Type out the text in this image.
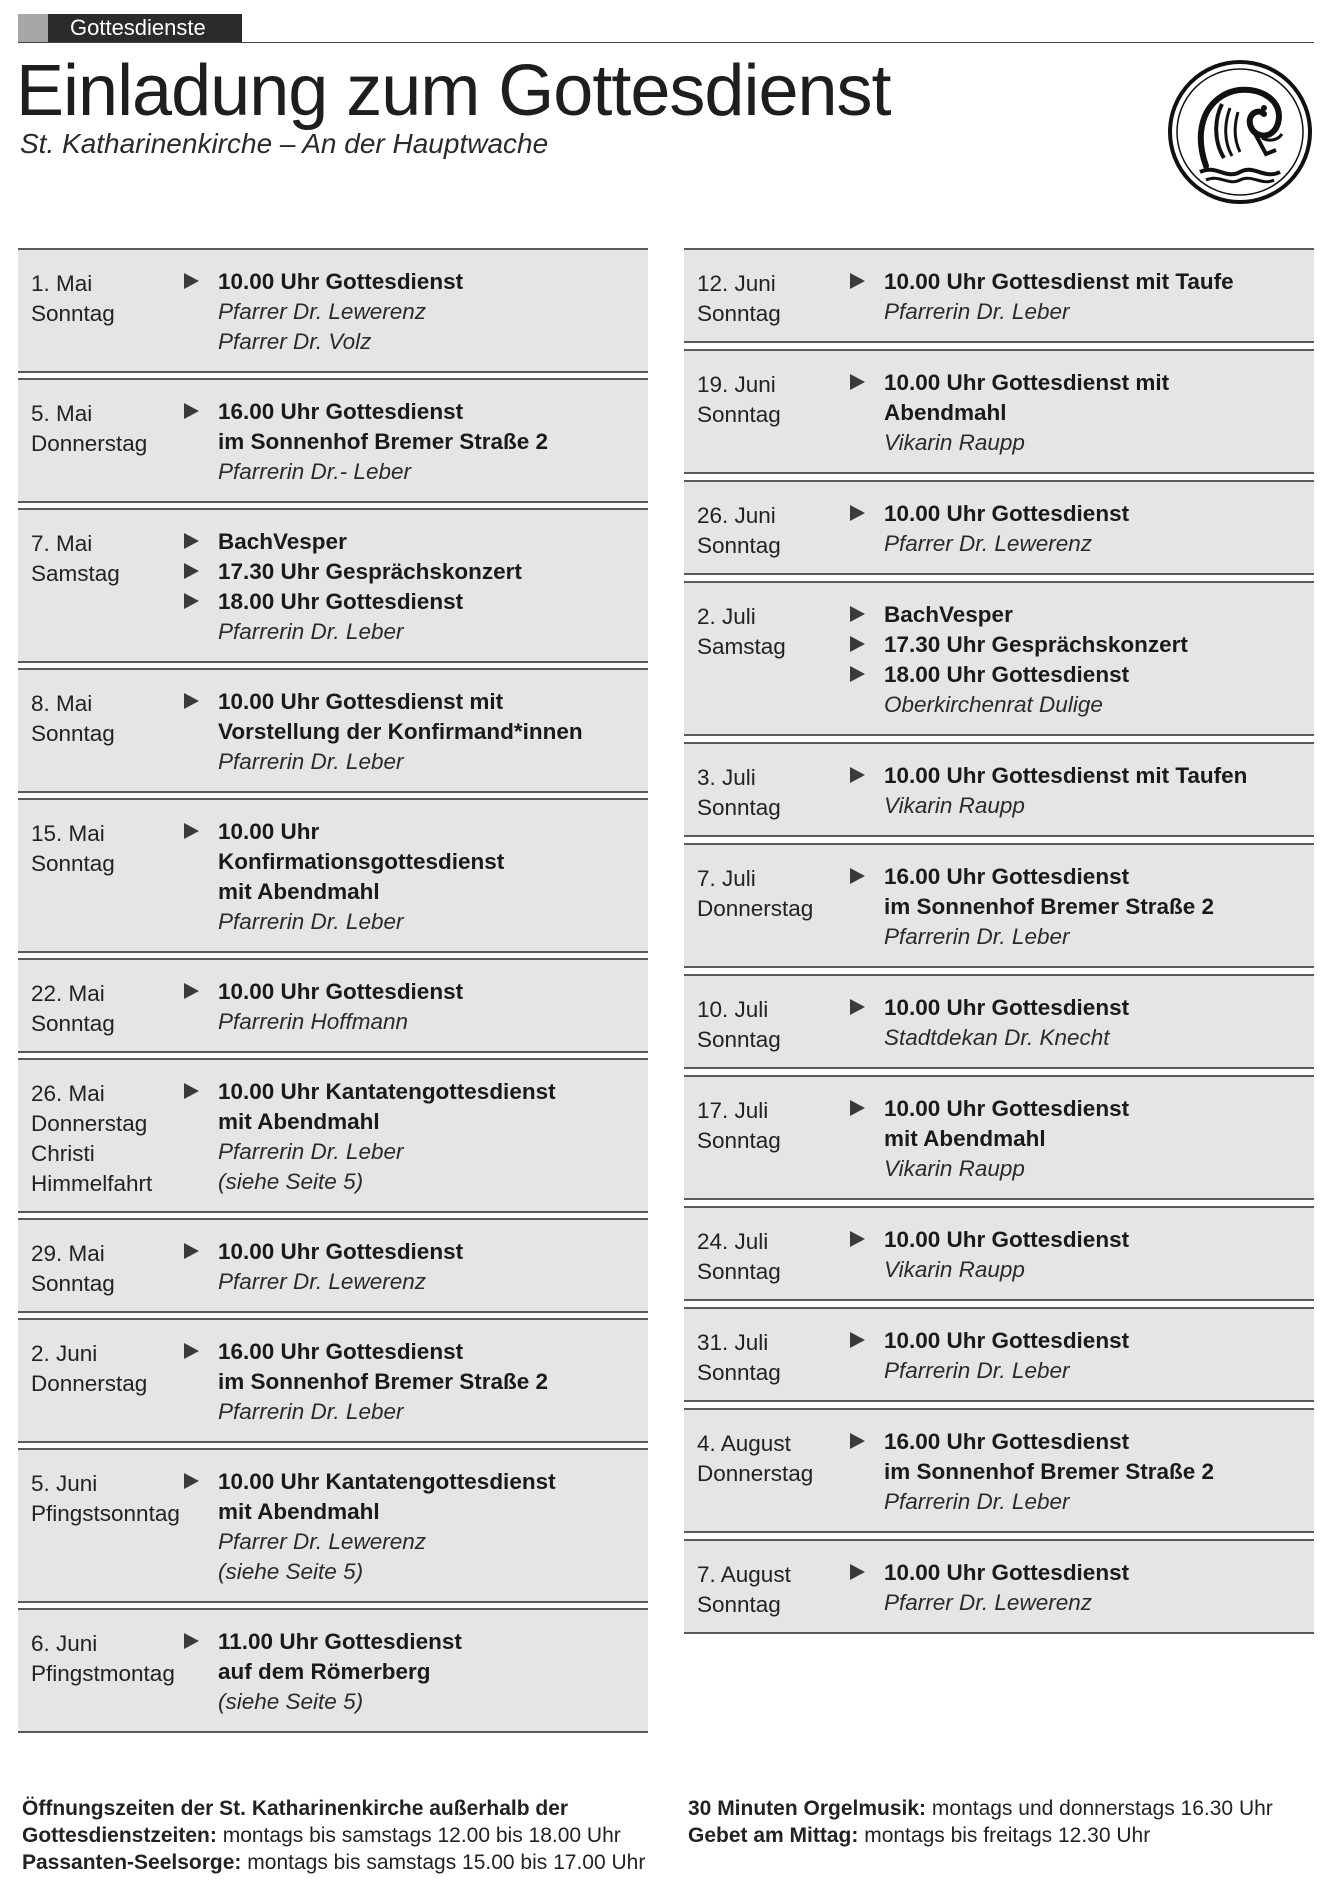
Gottesdienste
Einladung zum Gottesdienst

St. Katharinenkirche – An der Hauptwache

1. Mai
Sonntag
10.00 Uhr Gottesdienst
Pfarrer Dr. Lewerenz
Pfarrer Dr. Volz
5. Mai
Donnerstag
16.00 Uhr Gottesdienst
im Sonnenhof Bremer Straße 2
Pfarrerin Dr.- Leber
7. Mai
Samstag
BachVesper
17.30 Uhr Gesprächskonzert
18.00 Uhr Gottesdienst
Pfarrerin Dr. Leber
8. Mai
Sonntag
10.00 Uhr Gottesdienst mit
Vorstellung der Konfirmand*innen
Pfarrerin Dr. Leber
15. Mai
Sonntag
10.00 Uhr
Konfirmationsgottesdienst
mit Abendmahl
Pfarrerin Dr. Leber
22. Mai
Sonntag
10.00 Uhr Gottesdienst
Pfarrerin Hoffmann
26. Mai
Donnerstag
Christi
Himmelfahrt
10.00 Uhr Kantatengottesdienst
mit Abendmahl
Pfarrerin Dr. Leber
(siehe Seite 5)
29. Mai
Sonntag
10.00 Uhr Gottesdienst
Pfarrer Dr. Lewerenz
2. Juni
Donnerstag
16.00 Uhr Gottesdienst
im Sonnenhof Bremer Straße 2
Pfarrerin Dr. Leber
5. Juni
Pfingstsonntag
10.00 Uhr Kantatengottesdienst
mit Abendmahl
Pfarrer Dr. Lewerenz
(siehe Seite 5)
6. Juni
Pfingstmontag
11.00 Uhr Gottesdienst
auf dem Römerberg
(siehe Seite 5)
12. Juni
Sonntag
10.00 Uhr Gottesdienst mit Taufe
Pfarrerin Dr. Leber
19. Juni
Sonntag
10.00 Uhr Gottesdienst mit
Abendmahl
Vikarin Raupp
26. Juni
Sonntag
10.00 Uhr Gottesdienst
Pfarrer Dr. Lewerenz
2. Juli
Samstag
BachVesper
17.30 Uhr Gesprächskonzert
18.00 Uhr Gottesdienst
Oberkirchenrat Dulige
3. Juli
Sonntag
10.00 Uhr Gottesdienst mit Taufen
Vikarin Raupp
7. Juli
Donnerstag
16.00 Uhr Gottesdienst
im Sonnenhof Bremer Straße 2
Pfarrerin Dr. Leber
10. Juli
Sonntag
10.00 Uhr Gottesdienst
Stadtdekan Dr. Knecht
17. Juli
Sonntag
10.00 Uhr Gottesdienst
mit Abendmahl
Vikarin Raupp
24. Juli
Sonntag
10.00 Uhr Gottesdienst
Vikarin Raupp
31. Juli
Sonntag
10.00 Uhr Gottesdienst
Pfarrerin Dr. Leber
4. August
Donnerstag
16.00 Uhr Gottesdienst
im Sonnenhof Bremer Straße 2
Pfarrerin Dr. Leber
7. August
Sonntag
10.00 Uhr Gottesdienst
Pfarrer Dr. Lewerenz
Öffnungszeiten der St. Katharinenkirche außerhalb der
Gottesdienstzeiten: montags bis samstags 12.00 bis 18.00 Uhr
Passanten-Seelsorge: montags bis samstags 15.00 bis 17.00 Uhr
30 Minuten Orgelmusik: montags und donnerstags 16.30 Uhr
Gebet am Mittag: montags bis freitags 12.30 Uhr
